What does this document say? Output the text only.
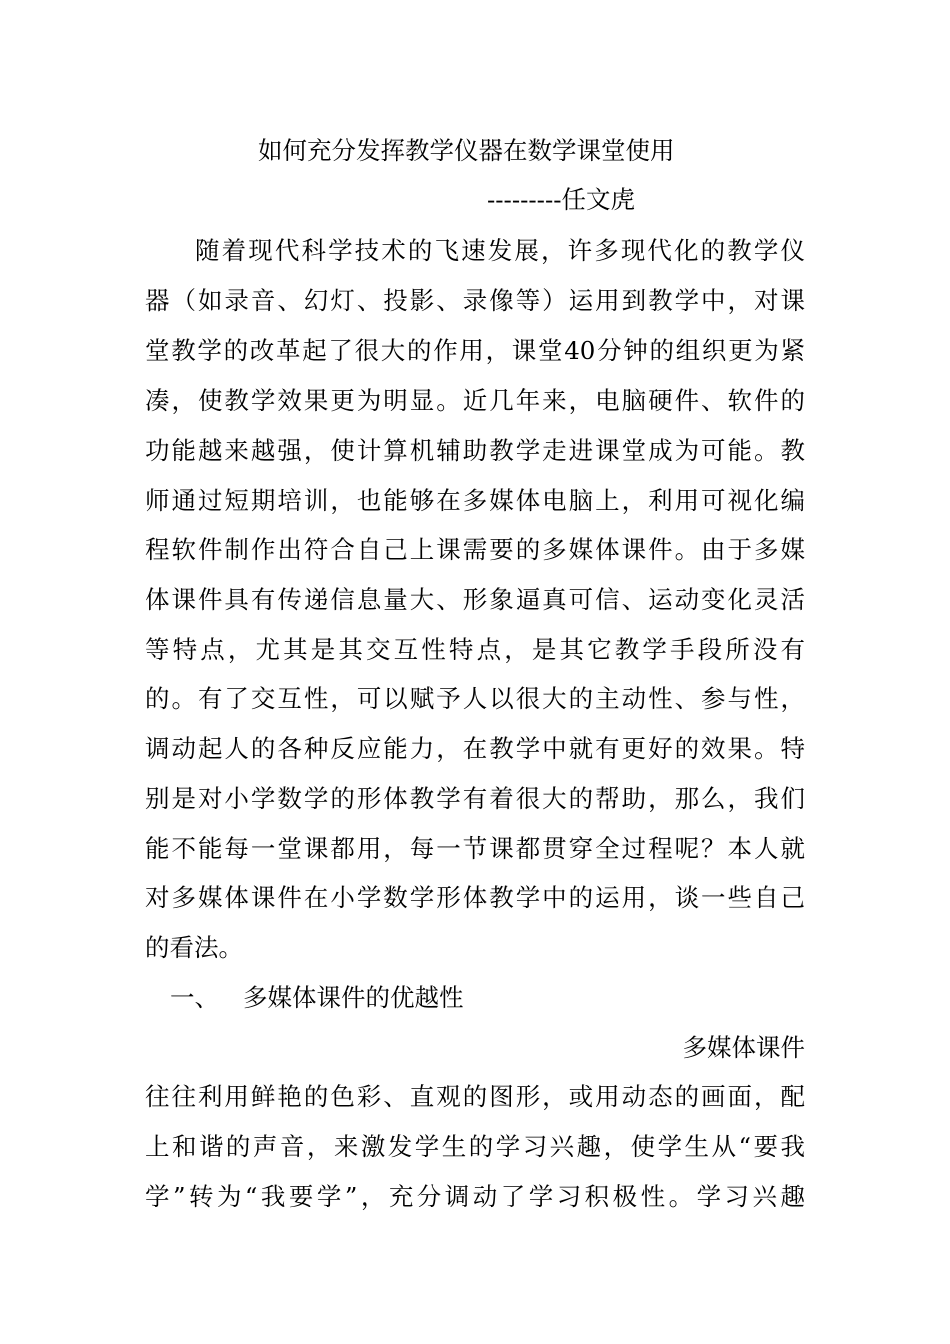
如何充分发挥教学仪器在数学课堂使用
---------任文虎
随着现代科学技术的飞速发展，许多现代化的教学仪
器（如录音、幻灯、投影、录像等）运用到教学中，对课
堂教学的改革起了很大的作用，课堂40分钟的组织更为紧
凑，使教学效果更为明显。近几年来，电脑硬件、软件的
功能越来越强，使计算机辅助教学走进课堂成为可能。教
师通过短期培训，也能够在多媒体电脑上，利用可视化编
程软件制作出符合自己上课需要的多媒体课件。由于多媒
体课件具有传递信息量大、形象逼真可信、运动变化灵活
等特点，尤其是其交互性特点，是其它教学手段所没有
的。有了交互性，可以赋予人以很大的主动性、参与性，
调动起人的各种反应能力，在教学中就有更好的效果。特
别是对小学数学的形体教学有着很大的帮助，那么，我们
能不能每一堂课都用，每一节课都贯穿全过程呢？本人就
对多媒体课件在小学数学形体教学中的运用，谈一些自己
的看法。
一、 多媒体课件的优越性
多媒体课件
往往利用鲜艳的色彩、直观的图形，或用动态的画面，配
上和谐的声音，来激发学生的学习兴趣，使学生从“要我
学”转为“我要学”，充分调动了学习积极性。学习兴趣
